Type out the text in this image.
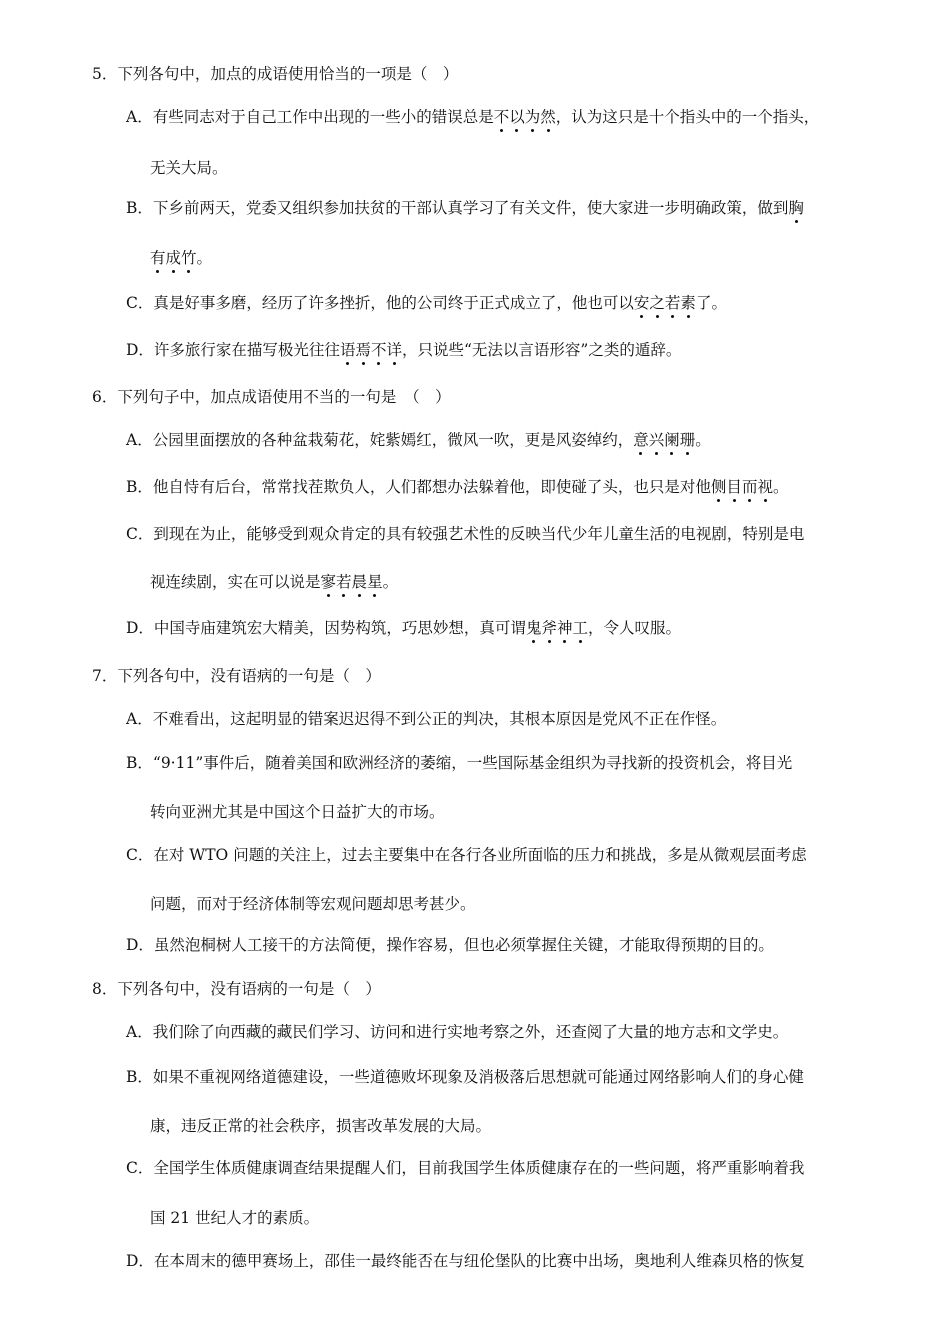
5．下列各句中，加点的成语使用恰当的一项是（　）
A．有些同志对于自己工作中出现的一些小的错误总是不以为然，认为这只是十个指头中的一个指头，
无关大局。
B．下乡前两天，党委又组织参加扶贫的干部认真学习了有关文件，使大家进一步明确政策，做到胸
有成竹。
C．真是好事多磨，经历了许多挫折，他的公司终于正式成立了，他也可以安之若素了。
D．许多旅行家在描写极光往往语焉不详，只说些“无法以言语形容”之类的遁辞。
6．下列句子中，加点成语使用不当的一句是　（　）
A．公园里面摆放的各种盆栽菊花，姹紫嫣红，微风一吹，更是风姿绰约，意兴阑珊。
B．他自恃有后台，常常找茬欺负人，人们都想办法躲着他，即使碰了头，也只是对他侧目而视。
C．到现在为止，能够受到观众肯定的具有较强艺术性的反映当代少年儿童生活的电视剧，特别是电
视连续剧，实在可以说是寥若晨星。
D．中国寺庙建筑宏大精美，因势构筑，巧思妙想，真可谓鬼斧神工，令人叹服。
7．下列各句中，没有语病的一句是（　）
A．不难看出，这起明显的错案迟迟得不到公正的判决，其根本原因是党风不正在作怪。
B．“9·11”事件后，随着美国和欧洲经济的萎缩，一些国际基金组织为寻找新的投资机会，将目光
转向亚洲尤其是中国这个日益扩大的市场。
C．在对 WTO 问题的关注上，过去主要集中在各行各业所面临的压力和挑战，多是从微观层面考虑
问题，而对于经济体制等宏观问题却思考甚少。
D．虽然泡桐树人工接干的方法简便，操作容易，但也必须掌握住关键，才能取得预期的目的。
8．下列各句中，没有语病的一句是（　）
A．我们除了向西藏的藏民们学习、访问和进行实地考察之外，还查阅了大量的地方志和文学史。
B．如果不重视网络道德建设，一些道德败坏现象及消极落后思想就可能通过网络影响人们的身心健
康，违反正常的社会秩序，损害改革发展的大局。
C．全国学生体质健康调查结果提醒人们，目前我国学生体质健康存在的一些问题，将严重影响着我
国 21 世纪人才的素质。
D．在本周末的德甲赛场上，邵佳一最终能否在与纽伦堡队的比赛中出场，奥地利人维森贝格的恢复
